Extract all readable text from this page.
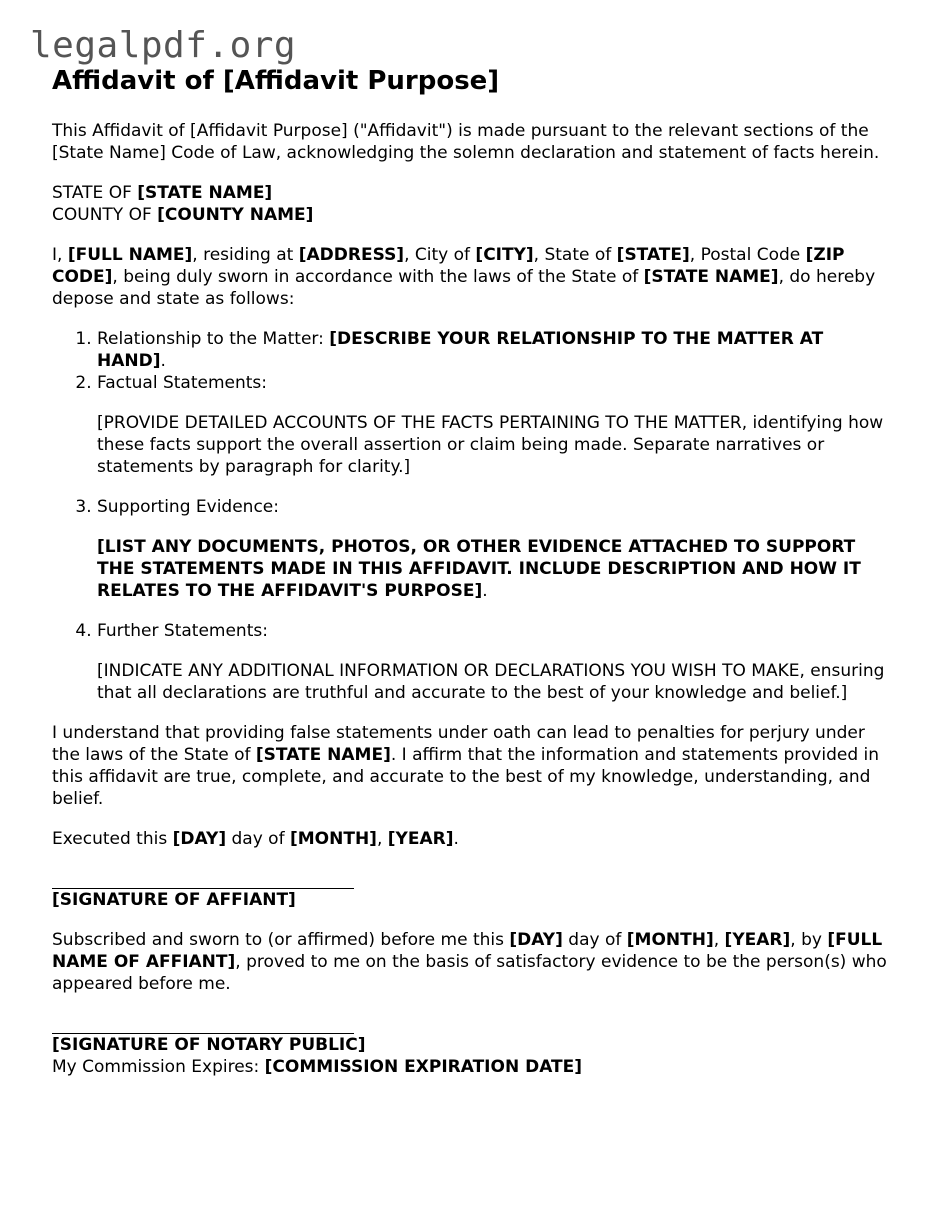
legalpdf.org
Affidavit of [Affidavit Purpose]

This Affidavit of [Affidavit Purpose] ("Affidavit") is made pursuant to the relevant sections of the [State Name] Code of Law, acknowledging the solemn declaration and statement of facts herein.

STATE OF [STATE NAME]
COUNTY OF [COUNTY NAME]

I, [FULL NAME], residing at [ADDRESS], City of [CITY], State of [STATE], Postal Code [ZIP CODE], being duly sworn in accordance with the laws of the State of [STATE NAME], do hereby depose and state as follows:

1. Relationship to the Matter: [DESCRIBE YOUR RELATIONSHIP TO THE MATTER AT HAND].
2. Factual Statements:
[PROVIDE DETAILED ACCOUNTS OF THE FACTS PERTAINING TO THE MATTER, identifying how these facts support the overall assertion or claim being made. Separate narratives or statements by paragraph for clarity.]
3. Supporting Evidence:
[LIST ANY DOCUMENTS, PHOTOS, OR OTHER EVIDENCE ATTACHED TO SUPPORT THE STATEMENTS MADE IN THIS AFFIDAVIT. INCLUDE DESCRIPTION AND HOW IT RELATES TO THE AFFIDAVIT'S PURPOSE].
4. Further Statements:
[INDICATE ANY ADDITIONAL INFORMATION OR DECLARATIONS YOU WISH TO MAKE, ensuring that all declarations are truthful and accurate to the best of your knowledge and belief.]

I understand that providing false statements under oath can lead to penalties for perjury under the laws of the State of [STATE NAME]. I affirm that the information and statements provided in this affidavit are true, complete, and accurate to the best of my knowledge, understanding, and belief.

Executed this [DAY] day of [MONTH], [YEAR].

[SIGNATURE OF AFFIANT]

Subscribed and sworn to (or affirmed) before me this [DAY] day of [MONTH], [YEAR], by [FULL NAME OF AFFIANT], proved to me on the basis of satisfactory evidence to be the person(s) who appeared before me.

[SIGNATURE OF NOTARY PUBLIC]
My Commission Expires: [COMMISSION EXPIRATION DATE]
